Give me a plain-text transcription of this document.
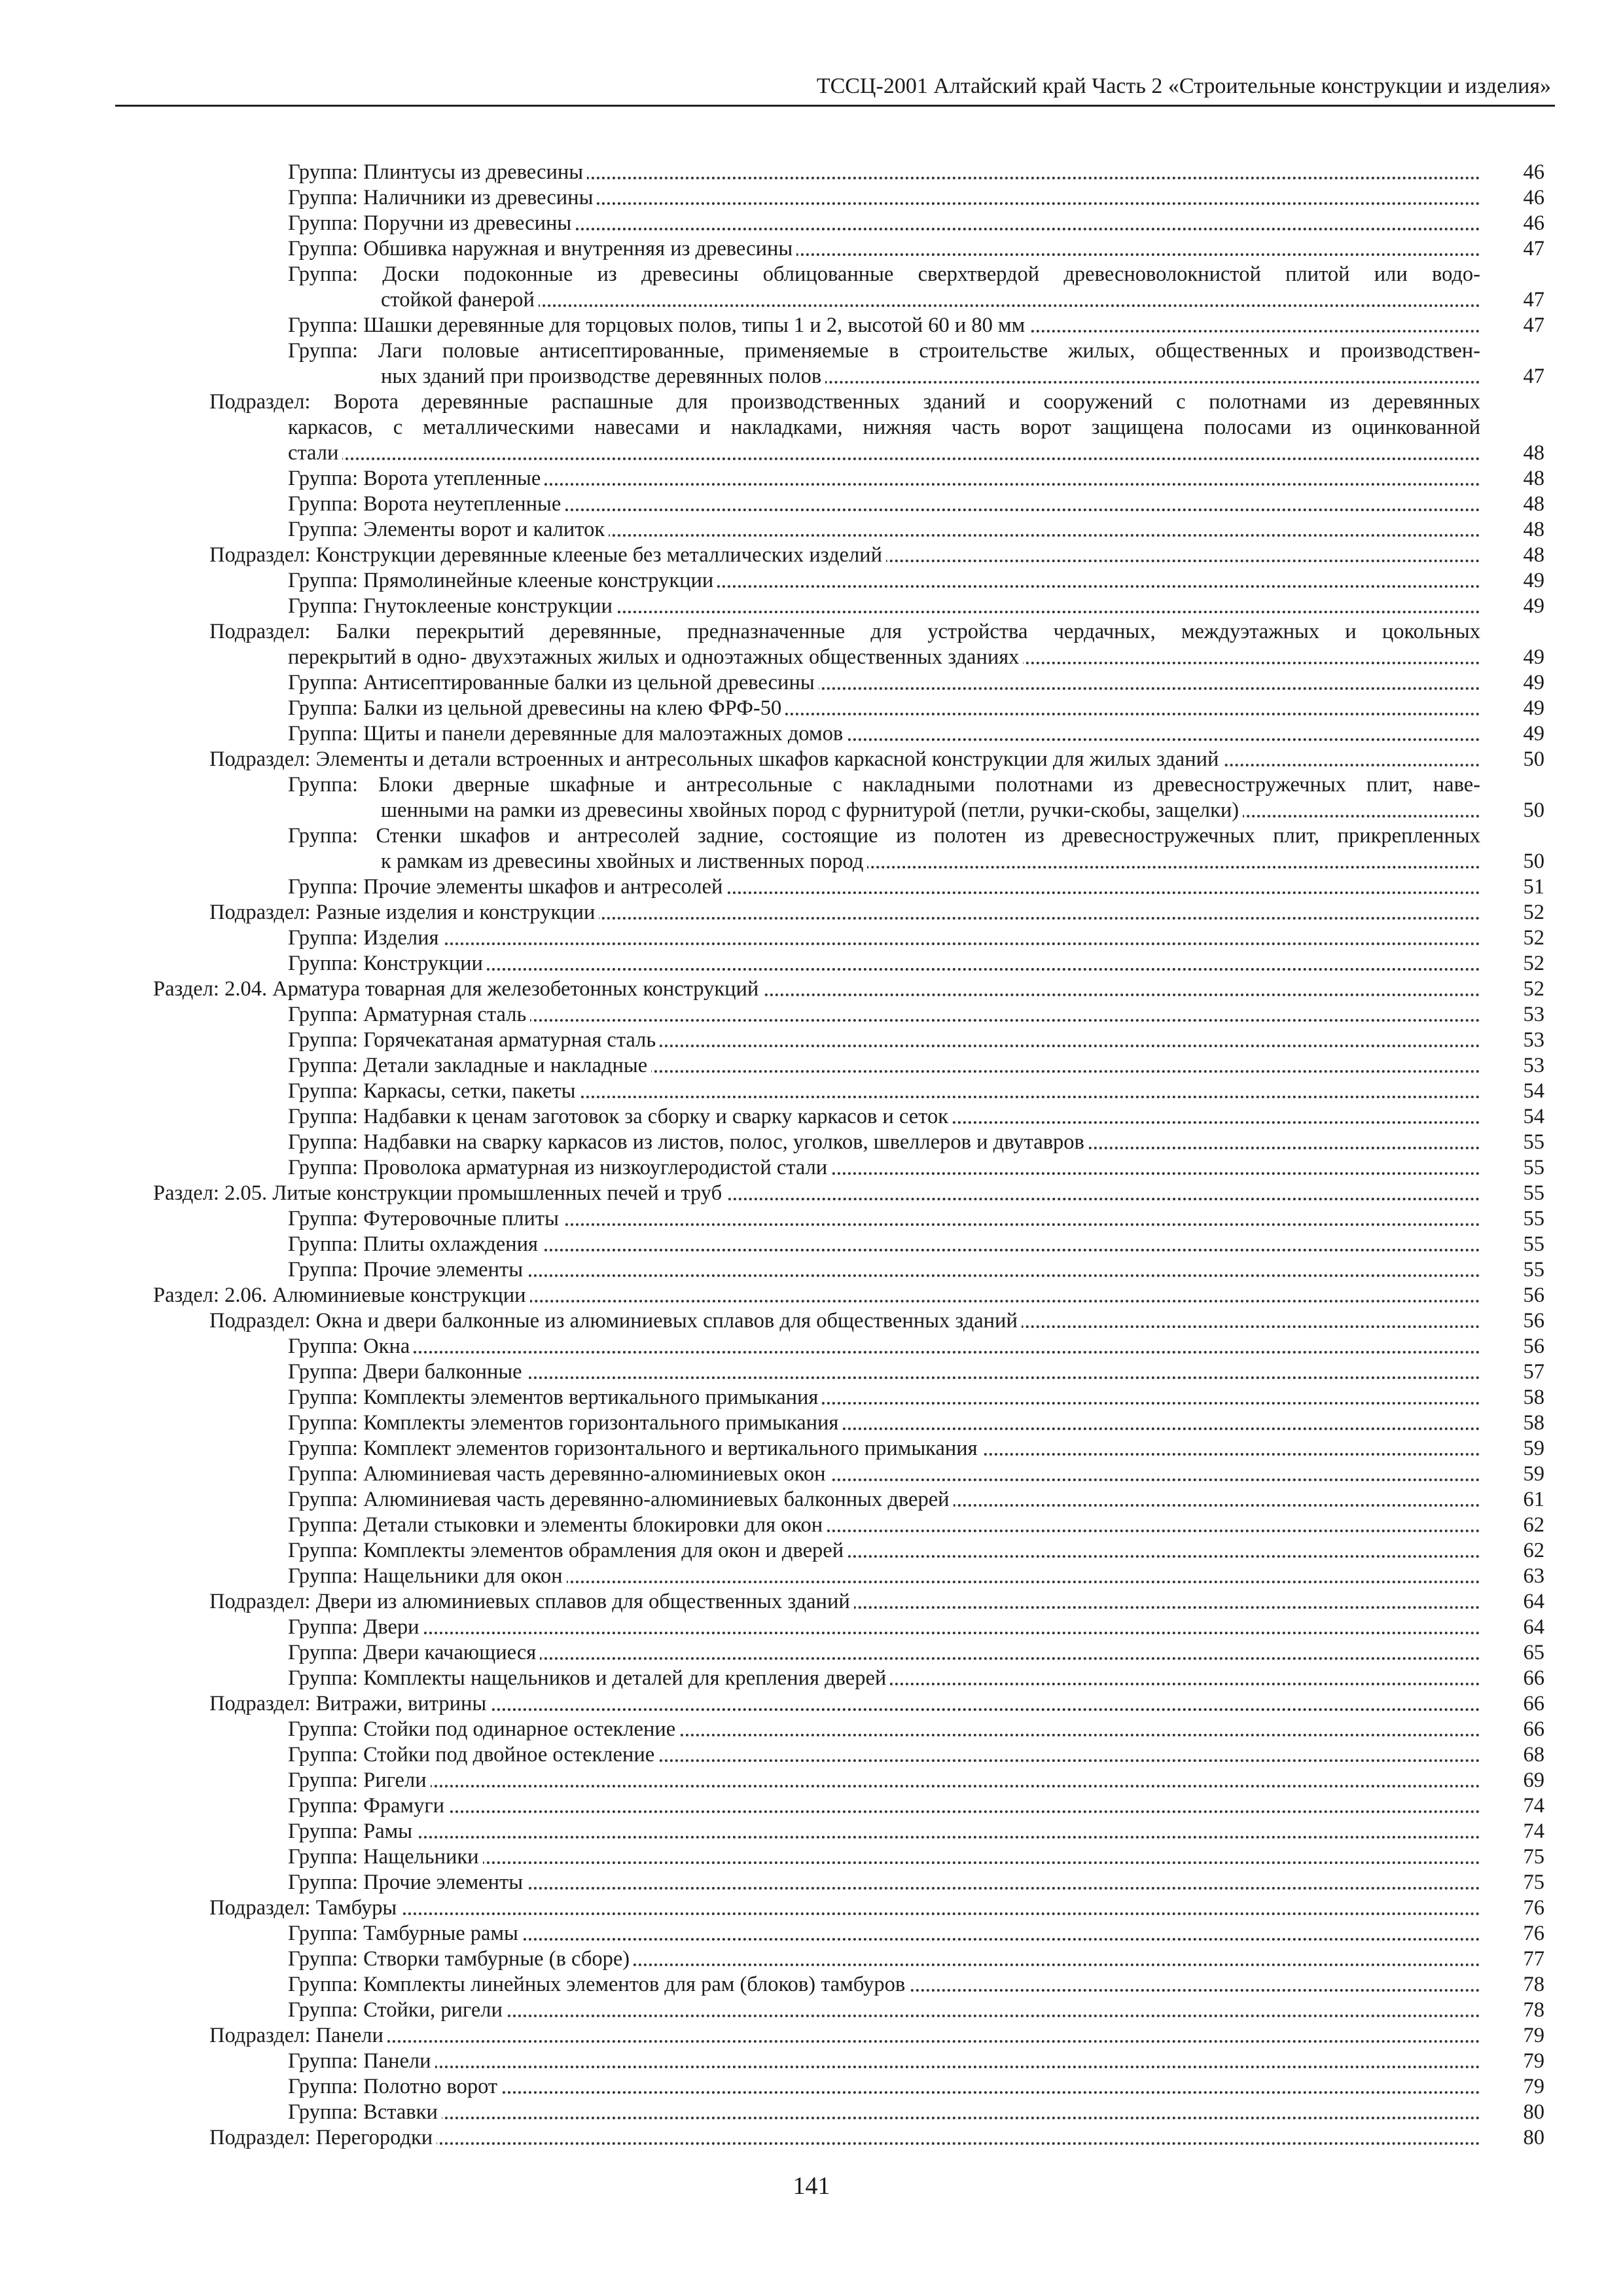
ТССЦ-2001 Алтайский край Часть 2 «Строительные конструкции и изделия»
Группа: Плинтусы из древесины	46
Группа: Наличники из древесины	46
Группа: Поручни из древесины	46
Группа: Обшивка наружная и внутренняя из древесины	47
Группа: Доски подоконные из древесины облицованные сверхтвердой древесноволокнистой плитой или водо-
стойкой фанерой	47
Группа: Шашки деревянные для торцовых полов, типы 1 и 2, высотой 60 и 80 мм	47
Группа: Лаги половые антисептированные, применяемые в строительстве жилых, общественных и производствен-
ных зданий при производстве деревянных полов	47
Подраздел: Ворота деревянные распашные для производственных зданий и сооружений с полотнами из деревянных
каркасов, с металлическими навесами и накладками, нижняя часть ворот защищена полосами из оцинкованной
стали	48
Группа: Ворота утепленные	48
Группа: Ворота неутепленные	48
Группа: Элементы ворот и калиток	48
Подраздел: Конструкции деревянные клееные без металлических изделий	48
Группа: Прямолинейные клееные конструкции	49
Группа: Гнутоклееные конструкции	49
Подраздел: Балки перекрытий деревянные, предназначенные для устройства чердачных, междуэтажных и цокольных
перекрытий в одно- двухэтажных жилых и одноэтажных общественных зданиях	49
Группа: Антисептированные балки из цельной древесины	49
Группа: Балки из цельной древесины на клею ФРФ-50	49
Группа: Щиты и панели деревянные для малоэтажных домов	49
Подраздел: Элементы и детали встроенных и антресольных шкафов каркасной конструкции для жилых зданий	50
Группа: Блоки дверные шкафные и антресольные с накладными полотнами из древесностружечных плит, наве-
шенными на рамки из древесины хвойных пород с фурнитурой (петли, ручки-скобы, защелки)	50
Группа: Стенки шкафов и антресолей задние, состоящие из полотен из древесностружечных плит, прикрепленных
к рамкам из древесины хвойных и лиственных пород	50
Группа: Прочие элементы шкафов и антресолей	51
Подраздел: Разные изделия и конструкции	52
Группа: Изделия	52
Группа: Конструкции	52
Раздел: 2.04. Арматура товарная для железобетонных конструкций	52
Группа: Арматурная сталь	53
Группа: Горячекатаная арматурная сталь	53
Группа: Детали закладные и накладные	53
Группа: Каркасы, сетки, пакеты	54
Группа: Надбавки к ценам заготовок за сборку и сварку каркасов и сеток	54
Группа: Надбавки на сварку каркасов из листов, полос, уголков, швеллеров и двутавров	55
Группа: Проволока арматурная из низкоуглеродистой стали	55
Раздел: 2.05. Литые конструкции промышленных печей и труб	55
Группа: Футеровочные плиты	55
Группа: Плиты охлаждения	55
Группа: Прочие элементы	55
Раздел: 2.06. Алюминиевые конструкции	56
Подраздел: Окна и двери балконные из алюминиевых сплавов для общественных зданий	56
Группа: Окна	56
Группа: Двери балконные	57
Группа: Комплекты элементов вертикального примыкания	58
Группа: Комплекты элементов горизонтального примыкания	58
Группа: Комплект элементов горизонтального и вертикального примыкания	59
Группа: Алюминиевая часть деревянно-алюминиевых окон	59
Группа: Алюминиевая часть деревянно-алюминиевых балконных дверей	61
Группа: Детали стыковки и элементы блокировки для окон	62
Группа: Комплекты элементов обрамления для окон и дверей	62
Группа: Нащельники для окон	63
Подраздел: Двери из алюминиевых сплавов для общественных зданий	64
Группа: Двери	64
Группа: Двери качающиеся	65
Группа: Комплекты нащельников и деталей для крепления дверей	66
Подраздел: Витражи, витрины	66
Группа: Стойки под одинарное остекление	66
Группа: Стойки под двойное остекление	68
Группа: Ригели	69
Группа: Фрамуги	74
Группа: Рамы	74
Группа: Нащельники	75
Группа: Прочие элементы	75
Подраздел: Тамбуры	76
Группа: Тамбурные рамы	76
Группа: Створки тамбурные (в сборе)	77
Группа: Комплекты линейных элементов для рам (блоков) тамбуров	78
Группа: Стойки, ригели	78
Подраздел: Панели	79
Группа: Панели	79
Группа: Полотно ворот	79
Группа: Вставки	80
Подраздел: Перегородки	80
141
